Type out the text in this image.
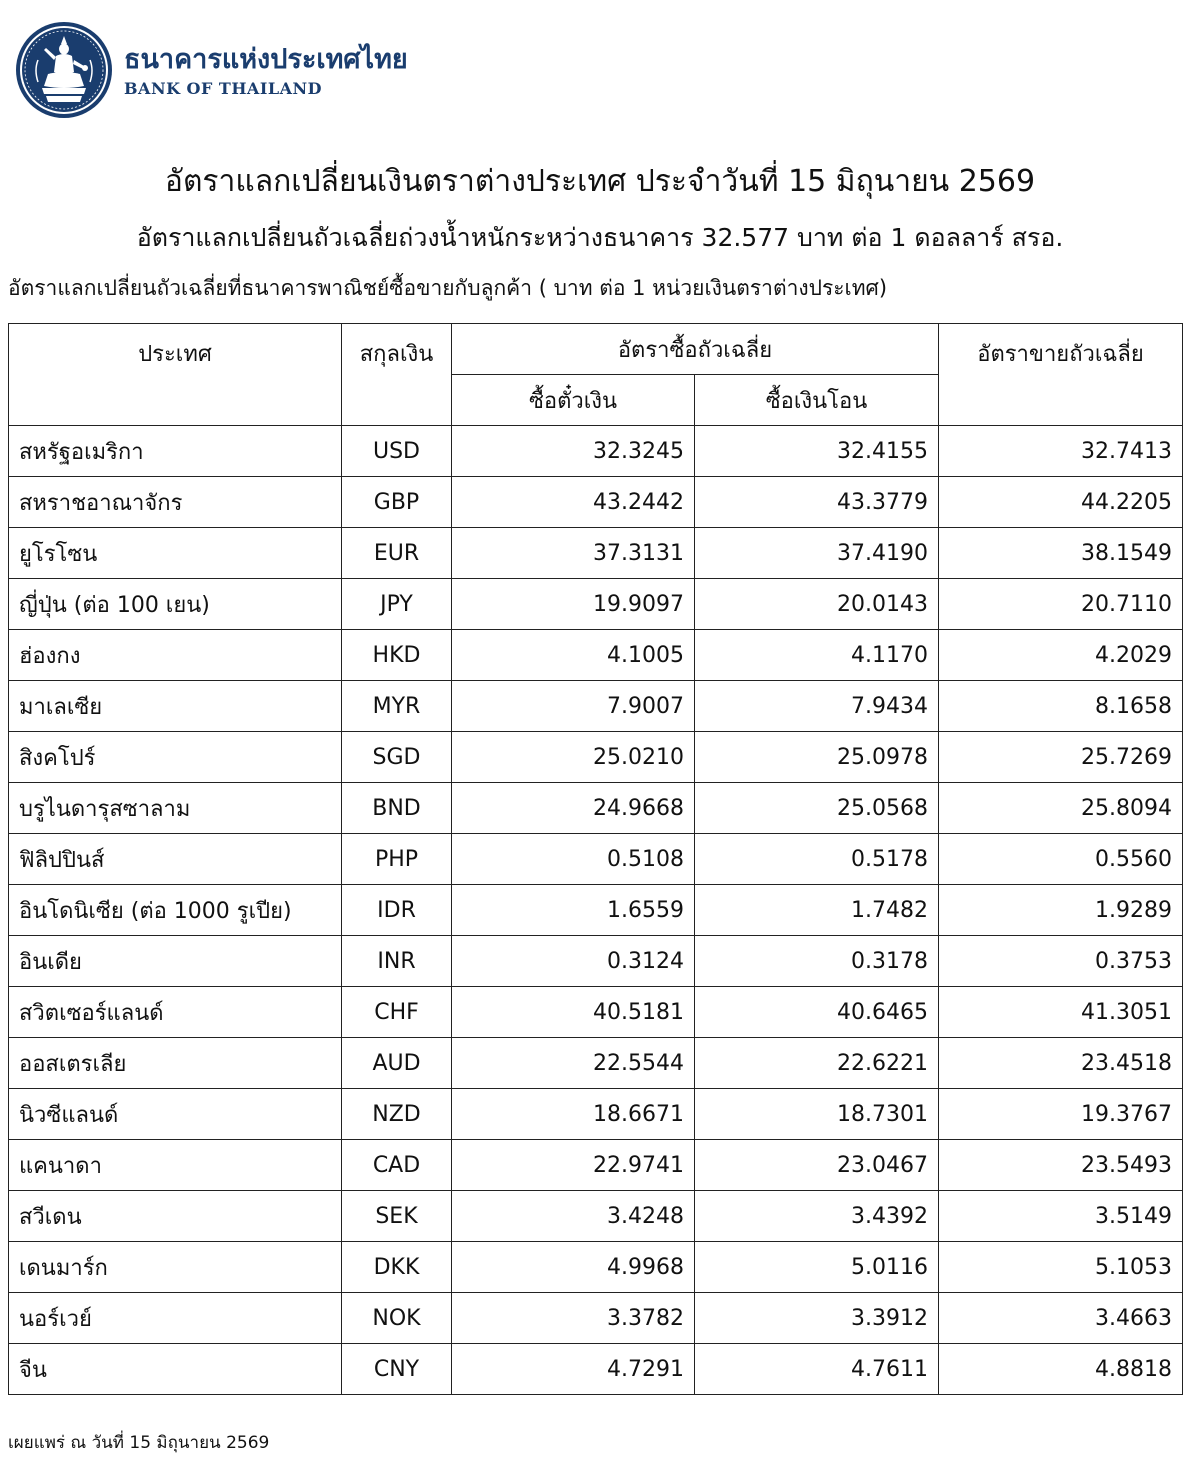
ธนาคารแห่งประเทศไทย
BANK OF THAILAND
อัตราแลกเปลี่ยนเงินตราต่างประเทศ ประจำวันที่ 15 มิถุนายน 2569
อัตราแลกเปลี่ยนถัวเฉลี่ยถ่วงน้ำหนักระหว่างธนาคาร 32.577 บาท ต่อ 1 ดอลลาร์ สรอ.
อัตราแลกเปลี่ยนถัวเฉลี่ยที่ธนาคารพาณิชย์ซื้อขายกับลูกค้า ( บาท ต่อ 1 หน่วยเงินตราต่างประเทศ)
ประเทศ	สกุลเงิน	อัตราซื้อถัวเฉลี่ย		อัตราขายถัวเฉลี่ย
		ซื้อตั๋วเงิน	ซื้อเงินโอน	
สหรัฐอเมริกา	USD	32.3245	32.4155	32.7413
สหราชอาณาจักร	GBP	43.2442	43.3779	44.2205
ยูโรโซน	EUR	37.3131	37.4190	38.1549
ญี่ปุ่น (ต่อ 100 เยน)	JPY	19.9097	20.0143	20.7110
ฮ่องกง	HKD	4.1005	4.1170	4.2029
มาเลเซีย	MYR	7.9007	7.9434	8.1658
สิงคโปร์	SGD	25.0210	25.0978	25.7269
บรูไนดารุสซาลาม	BND	24.9668	25.0568	25.8094
ฟิลิปปินส์	PHP	0.5108	0.5178	0.5560
อินโดนิเซีย (ต่อ 1000 รูเปีย)	IDR	1.6559	1.7482	1.9289
อินเดีย	INR	0.3124	0.3178	0.3753
สวิตเซอร์แลนด์	CHF	40.5181	40.6465	41.3051
ออสเตรเลีย	AUD	22.5544	22.6221	23.4518
นิวซีแลนด์	NZD	18.6671	18.7301	19.3767
แคนาดา	CAD	22.9741	23.0467	23.5493
สวีเดน	SEK	3.4248	3.4392	3.5149
เดนมาร์ก	DKK	4.9968	5.0116	5.1053
นอร์เวย์	NOK	3.3782	3.3912	3.4663
จีน	CNY	4.7291	4.7611	4.8818
เผยแพร่ ณ วันที่ 15 มิถุนายน 2569
